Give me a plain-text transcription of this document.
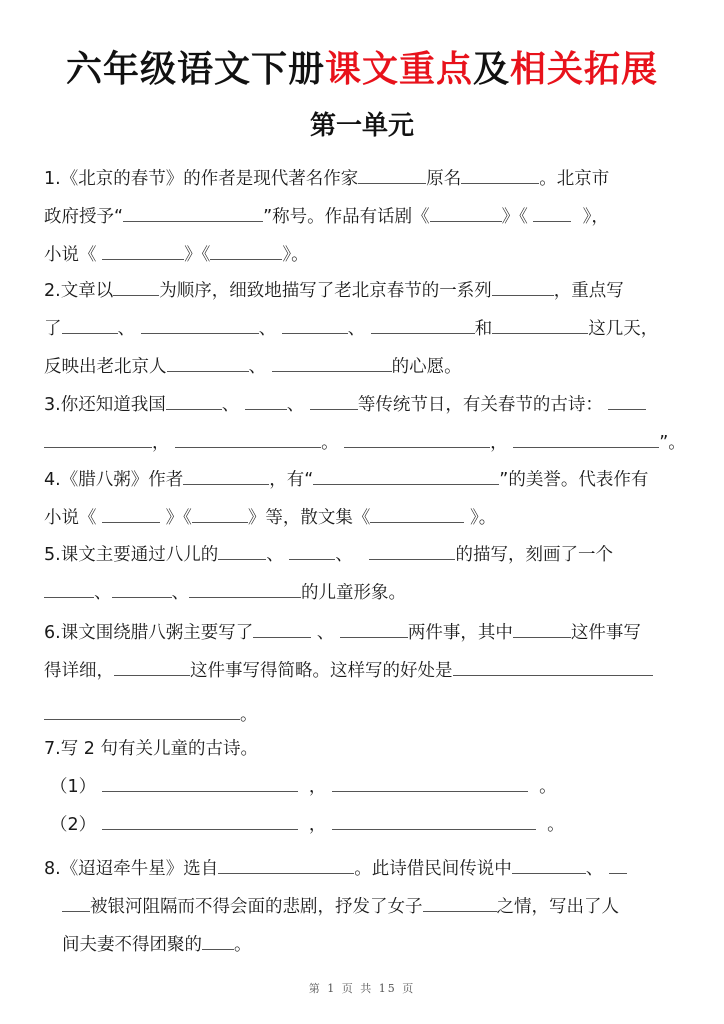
六年级语文下册课文重点及相关拓展
第一单元
1.《北京的春节》的作者是现代著名作家	原名	。北京市
政府授予“	”称号。作品有话剧《	》《	》，
小说《	》《	》。
2.文章以	为顺序，细致地描写了老北京春节的一系列	，重点写
了	、	、	、	和	这几天，
反映出老北京人	、	的心愿。
3.你还知道我国	、	、	等传统节日，有关春节的古诗：
，	。	，	”。
4.《腊八粥》作者	，有“	”的美誉。代表作有
小说《	》《	》等，散文集《	》。
5.课文主要通过八儿的	、	、	的描写，刻画了一个
、	、	的儿童形象。
6.课文围绕腊八粥主要写了	、	两件事，其中	这件事写
得详细，	这件事写得简略。这样写的好处是
。
7.写 2 句有关儿童的古诗。
（1）	，	。
（2）	，	。
8.《迢迢牵牛星》选自	。此诗借民间传说中	、
被银河阻隔而不得会面的悲剧，抒发了女子	之情，写出了人
间夫妻不得团聚的 。
第 1 页 共 15 页
